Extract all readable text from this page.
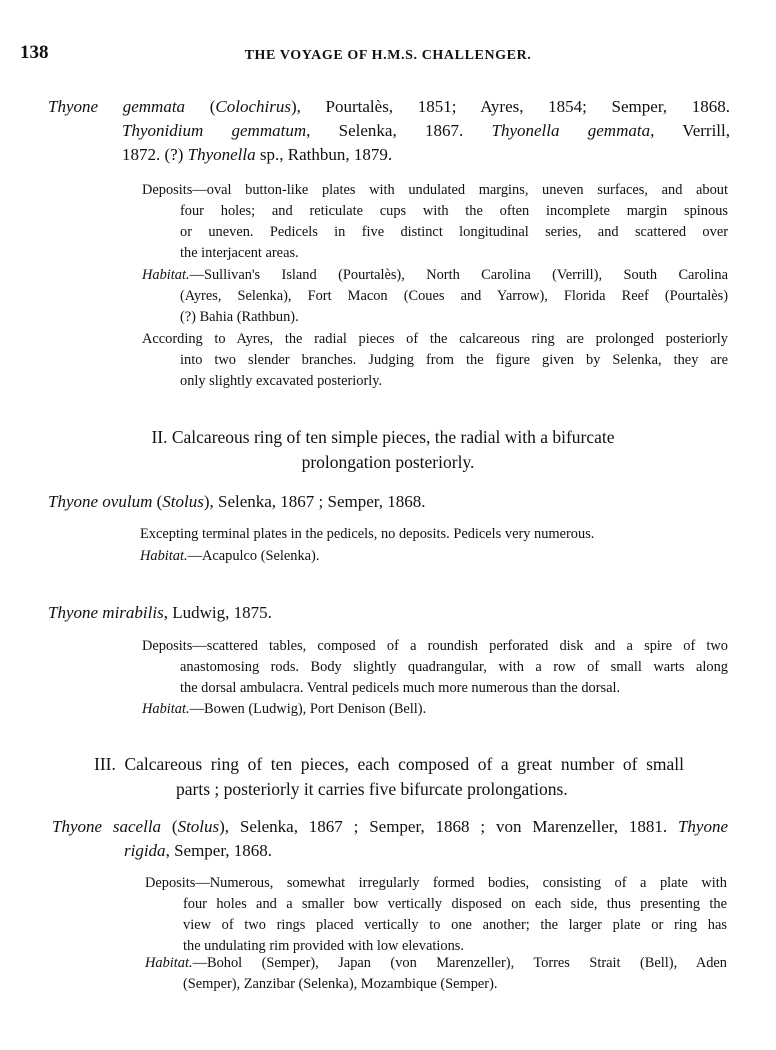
138	THE VOYAGE OF H.M.S. CHALLENGER.
Thyone gemmata (Colochirus), Pourtalès, 1851; Ayres, 1854; Semper, 1868.
Thyonidium gemmatum, Selenka, 1867. Thyonella gemmata, Verrill,
1872. (?) Thyonella sp., Rathbun, 1879.
Deposits—oval button-like plates with undulated margins, uneven surfaces, and about
four holes; and reticulate cups with the often incomplete margin spinous
or uneven. Pedicels in five distinct longitudinal series, and scattered over
the interjacent areas.
Habitat.—Sullivan's Island (Pourtalès), North Carolina (Verrill), South Carolina
(Ayres, Selenka), Fort Macon (Coues and Yarrow), Florida Reef (Pourtalès)
(?) Bahia (Rathbun).
According to Ayres, the radial pieces of the calcareous ring are prolonged posteriorly
into two slender branches. Judging from the figure given by Selenka, they are
only slightly excavated posteriorly.
II. Calcareous ring of ten simple pieces, the radial with a bifurcate
prolongation posteriorly.
Thyone ovulum (Stolus), Selenka, 1867 ; Semper, 1868.
Excepting terminal plates in the pedicels, no deposits. Pedicels very numerous.
Habitat.—Acapulco (Selenka).
Thyone mirabilis, Ludwig, 1875.
Deposits—scattered tables, composed of a roundish perforated disk and a spire of two
anastomosing rods. Body slightly quadrangular, with a row of small warts along
the dorsal ambulacra. Ventral pedicels much more numerous than the dorsal.
Habitat.—Bowen (Ludwig), Port Denison (Bell).
III. Calcareous ring of ten pieces, each composed of a great number of small
parts ; posteriorly it carries five bifurcate prolongations.
Thyone sacella (Stolus), Selenka, 1867 ; Semper, 1868 ; von Marenzeller, 1881. Thyone
rigida, Semper, 1868.
Deposits—Numerous, somewhat irregularly formed bodies, consisting of a plate with
four holes and a smaller bow vertically disposed on each side, thus presenting the
view of two rings placed vertically to one another; the larger plate or ring has
the undulating rim provided with low elevations.
Habitat.—Bohol (Semper), Japan (von Marenzeller), Torres Strait (Bell), Aden
(Semper), Zanzibar (Selenka), Mozambique (Semper).
